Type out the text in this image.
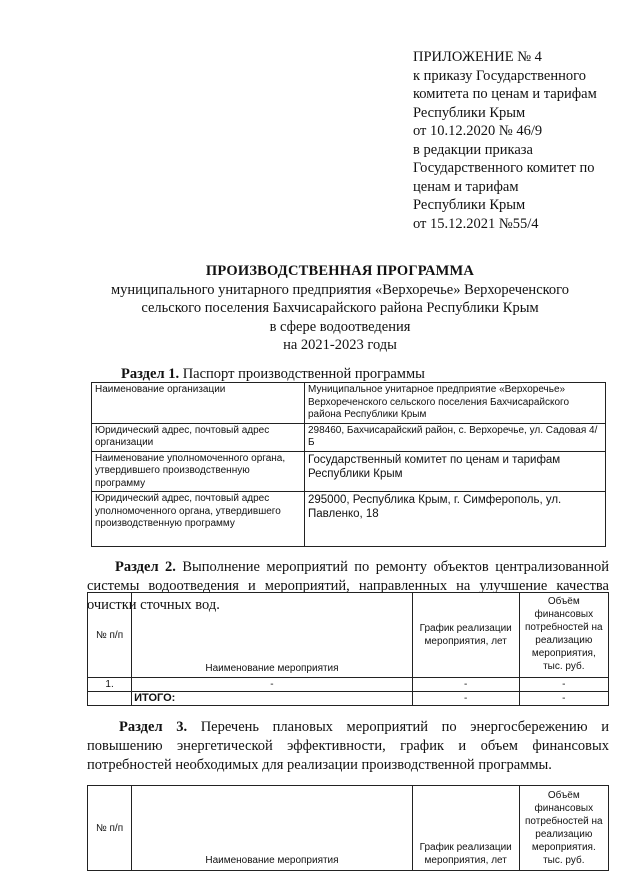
ПРИЛОЖЕНИЕ № 4
к приказу Государственного
комитета по ценам и тарифам
Республики Крым
от 10.12.2020 № 46/9
в редакции приказа
Государственного комитет по
ценам и тарифам
Республики Крым
от 15.12.2021 №55/4
ПРОИЗВОДСТВЕННАЯ ПРОГРАММА
муниципального унитарного предприятия «Верхоречье» Верхореченского
сельского поселения Бахчисарайского района Республики Крым
в сфере водоотведения
на 2021-2023 годы
Раздел 1. Паспорт производственной программы
Наименование организации	Муниципальное унитарное предприятие «Верхоречье» Верхореченского сельского поселения Бахчисарайского района Республики Крым
Юридический адрес, почтовый адрес организации	298460, Бахчисарайский район, с. Верхоречье, ул. Садовая 4/Б
Наименование уполномоченного органа, утвердившего производственную программу	Государственный комитет по ценам и тарифам Республики Крым
Юридический адрес, почтовый адрес уполномоченного органа, утвердившего производственную программу	295000, Республика Крым, г. Симферополь, ул. Павленко, 18
Раздел 2. Выполнение мероприятий по ремонту объектов централизованной системы водоотведения и мероприятий, направленных на улучшение качества очистки сточных вод.
№ п/п	Наименование мероприятия	График реализации мероприятия, лет	Объём финансовых потребностей на реализацию мероприятия, тыс. руб.
1.	-	-	-
	ИТОГО:	-	-
Раздел 3. Перечень плановых мероприятий по энергосбережению и повышению энергетической эффективности, график и объем финансовых потребностей необходимых для реализации производственной программы.
№ п/п	Наименование мероприятия	График реализации мероприятия, лет	Объём финансовых потребностей на реализацию мероприятия. тыс. руб.
